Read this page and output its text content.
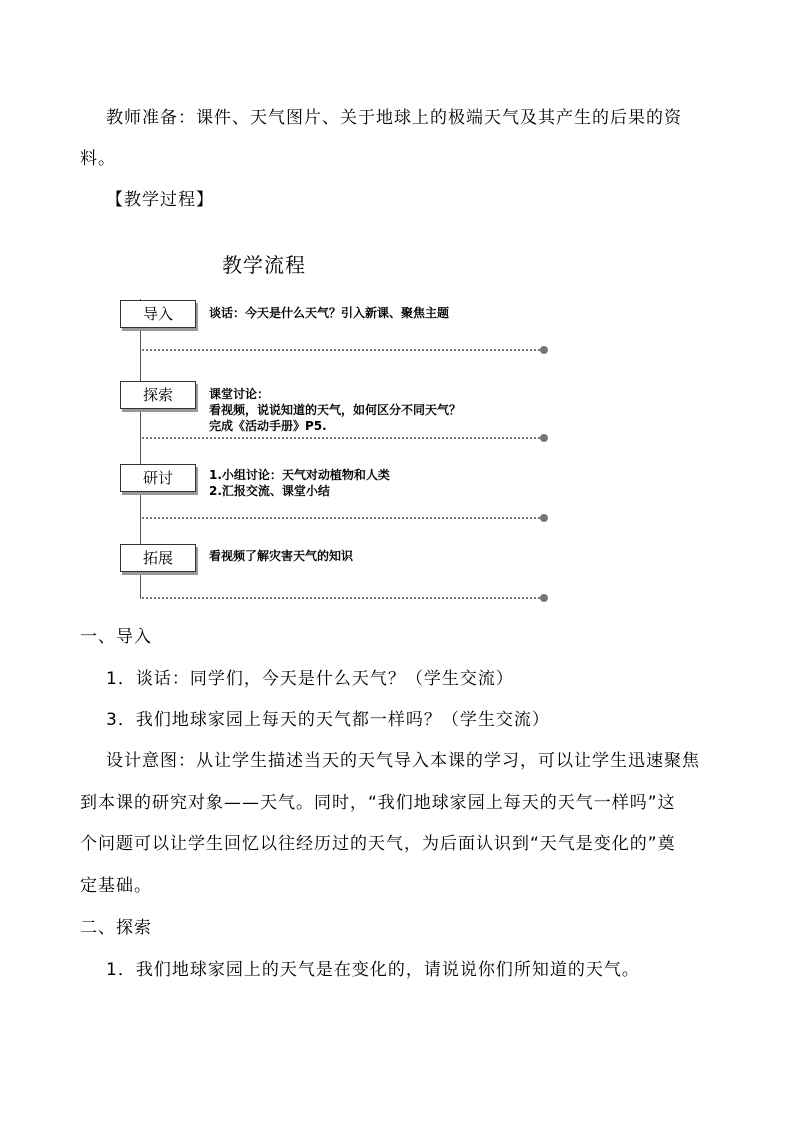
教师准备：课件、天气图片、关于地球上的极端天气及其产生的后果的资
料。
【教学过程】
教学流程
导入	谈话：今天是什么天气？引入新课、聚焦主题
探索	课堂讨论：
看视频，说说知道的天气，如何区分不同天气？
完成《活动手册》P5.
研讨	1.小组讨论：天气对动植物和人类
2.汇报交流、课堂小结
拓展	看视频了解灾害天气的知识
一、导入
1．谈话：同学们，今天是什么天气？（学生交流）
3．我们地球家园上每天的天气都一样吗？（学生交流）
设计意图：从让学生描述当天的天气导入本课的学习，可以让学生迅速聚焦
到本课的研究对象——天气。同时，“我们地球家园上每天的天气一样吗”这
个问题可以让学生回忆以往经历过的天气，为后面认识到“天气是变化的”奠
定基础。
二、探索
1．我们地球家园上的天气是在变化的，请说说你们所知道的天气。
